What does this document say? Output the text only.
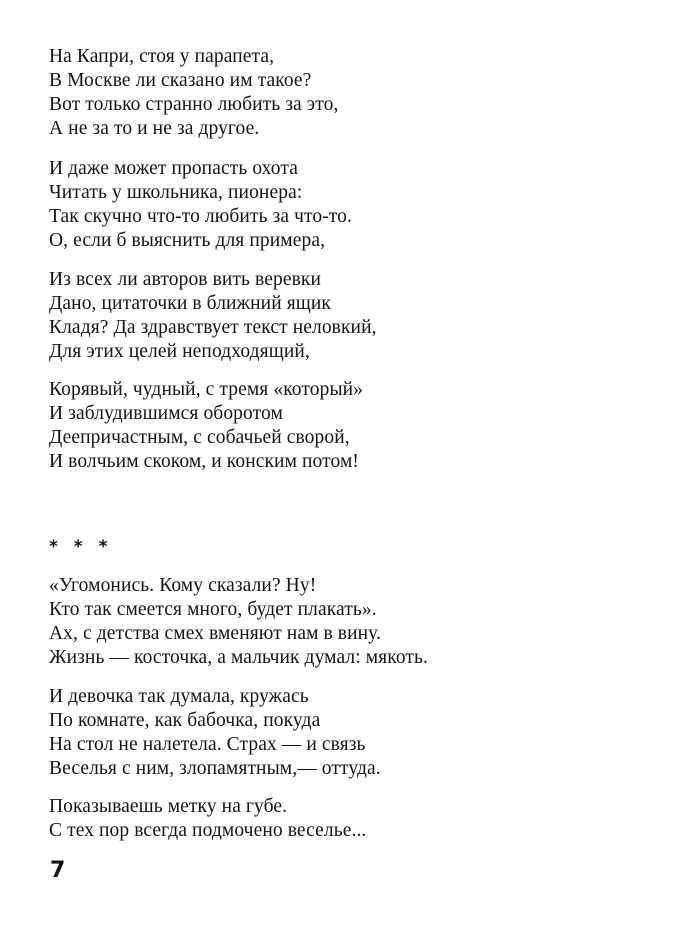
На Капри, стоя у парапета,
В Москве ли сказано им такое?
Вот только странно любить за это,
А не за то и не за другое.
И даже может пропасть охота
Читать у школьника, пионера:
Так скучно что-то любить за что-то.
О, если б выяснить для примера,
Из всех ли авторов вить веревки
Дано, цитаточки в ближний ящик
Кладя? Да здравствует текст неловкий,
Для этих целей неподходящий,
Корявый, чудный, с тремя «который»
И заблудившимся оборотом
Деепричастным, с собачьей сворой,
И волчьим скоком, и конским потом!
* * *
«Угомонись. Кому сказали? Ну!
Кто так смеется много, будет плакать».
Ах, с детства смех вменяют нам в вину.
Жизнь — косточка, а мальчик думал: мякоть.
И девочка так думала, кружась
По комнате, как бабочка, покуда
На стол не налетела. Страх — и связь
Веселья с ним, злопамятным,— оттуда.
Показываешь метку на губе.
С тех пор всегда подмочено веселье...
7
